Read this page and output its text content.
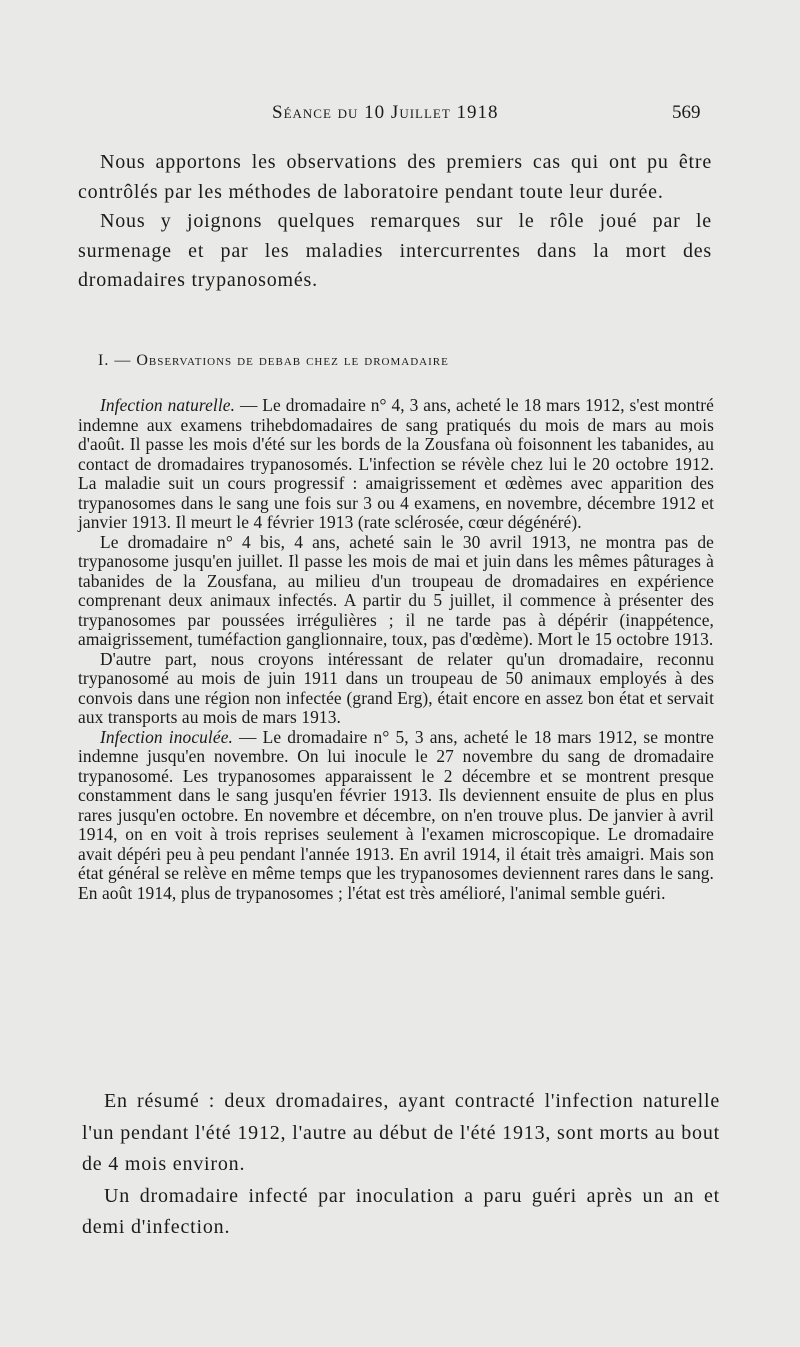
Séance du 10 Juillet 1918	569

Nous apportons les observations des premiers cas qui ont pu être contrôlés par les méthodes de laboratoire pendant toute leur durée.

Nous y joignons quelques remarques sur le rôle joué par le surmenage et par les maladies intercurrentes dans la mort des dromadaires trypanosomés.

I. — Observations de debab chez le dromadaire

Infection naturelle. — Le dromadaire n° 4, 3 ans, acheté le 18 mars 1912, s'est montré indemne aux examens trihebdomadaires de sang pratiqués du mois de mars au mois d'août. Il passe les mois d'été sur les bords de la Zousfana où foisonnent les tabanides, au contact de dromadaires trypanosomés. L'infection se révèle chez lui le 20 octobre 1912. La maladie suit un cours progressif : amaigrissement et œdèmes avec apparition des trypanosomes dans le sang une fois sur 3 ou 4 examens, en novembre, décembre 1912 et janvier 1913. Il meurt le 4 février 1913 (rate sclérosée, cœur dégénéré).

Le dromadaire n° 4 bis, 4 ans, acheté sain le 30 avril 1913, ne montra pas de trypanosome jusqu'en juillet. Il passe les mois de mai et juin dans les mêmes pâturages à tabanides de la Zousfana, au milieu d'un troupeau de dromadaires en expérience comprenant deux animaux infectés. A partir du 5 juillet, il commence à présenter des trypanosomes par poussées irrégulières ; il ne tarde pas à dépérir (inappétence, amaigrissement, tuméfaction ganglionnaire, toux, pas d'œdème). Mort le 15 octobre 1913.

D'autre part, nous croyons intéressant de relater qu'un dromadaire, reconnu trypanosomé au mois de juin 1911 dans un troupeau de 50 animaux employés à des convois dans une région non infectée (grand Erg), était encore en assez bon état et servait aux transports au mois de mars 1913.

Infection inoculée. — Le dromadaire n° 5, 3 ans, acheté le 18 mars 1912, se montre indemne jusqu'en novembre. On lui inocule le 27 novembre du sang de dromadaire trypanosomé. Les trypanosomes apparaissent le 2 décembre et se montrent presque constamment dans le sang jusqu'en février 1913. Ils deviennent ensuite de plus en plus rares jusqu'en octobre. En novembre et décembre, on n'en trouve plus. De janvier à avril 1914, on en voit à trois reprises seulement à l'examen microscopique. Le dromadaire avait dépéri peu à peu pendant l'année 1913. En avril 1914, il était très amaigri. Mais son état général se relève en même temps que les trypanosomes deviennent rares dans le sang. En août 1914, plus de trypanosomes ; l'état est très amélioré, l'animal semble guéri.

En résumé : deux dromadaires, ayant contracté l'infection naturelle l'un pendant l'été 1912, l'autre au début de l'été 1913, sont morts au bout de 4 mois environ.

Un dromadaire infecté par inoculation a paru guéri après un an et demi d'infection.
